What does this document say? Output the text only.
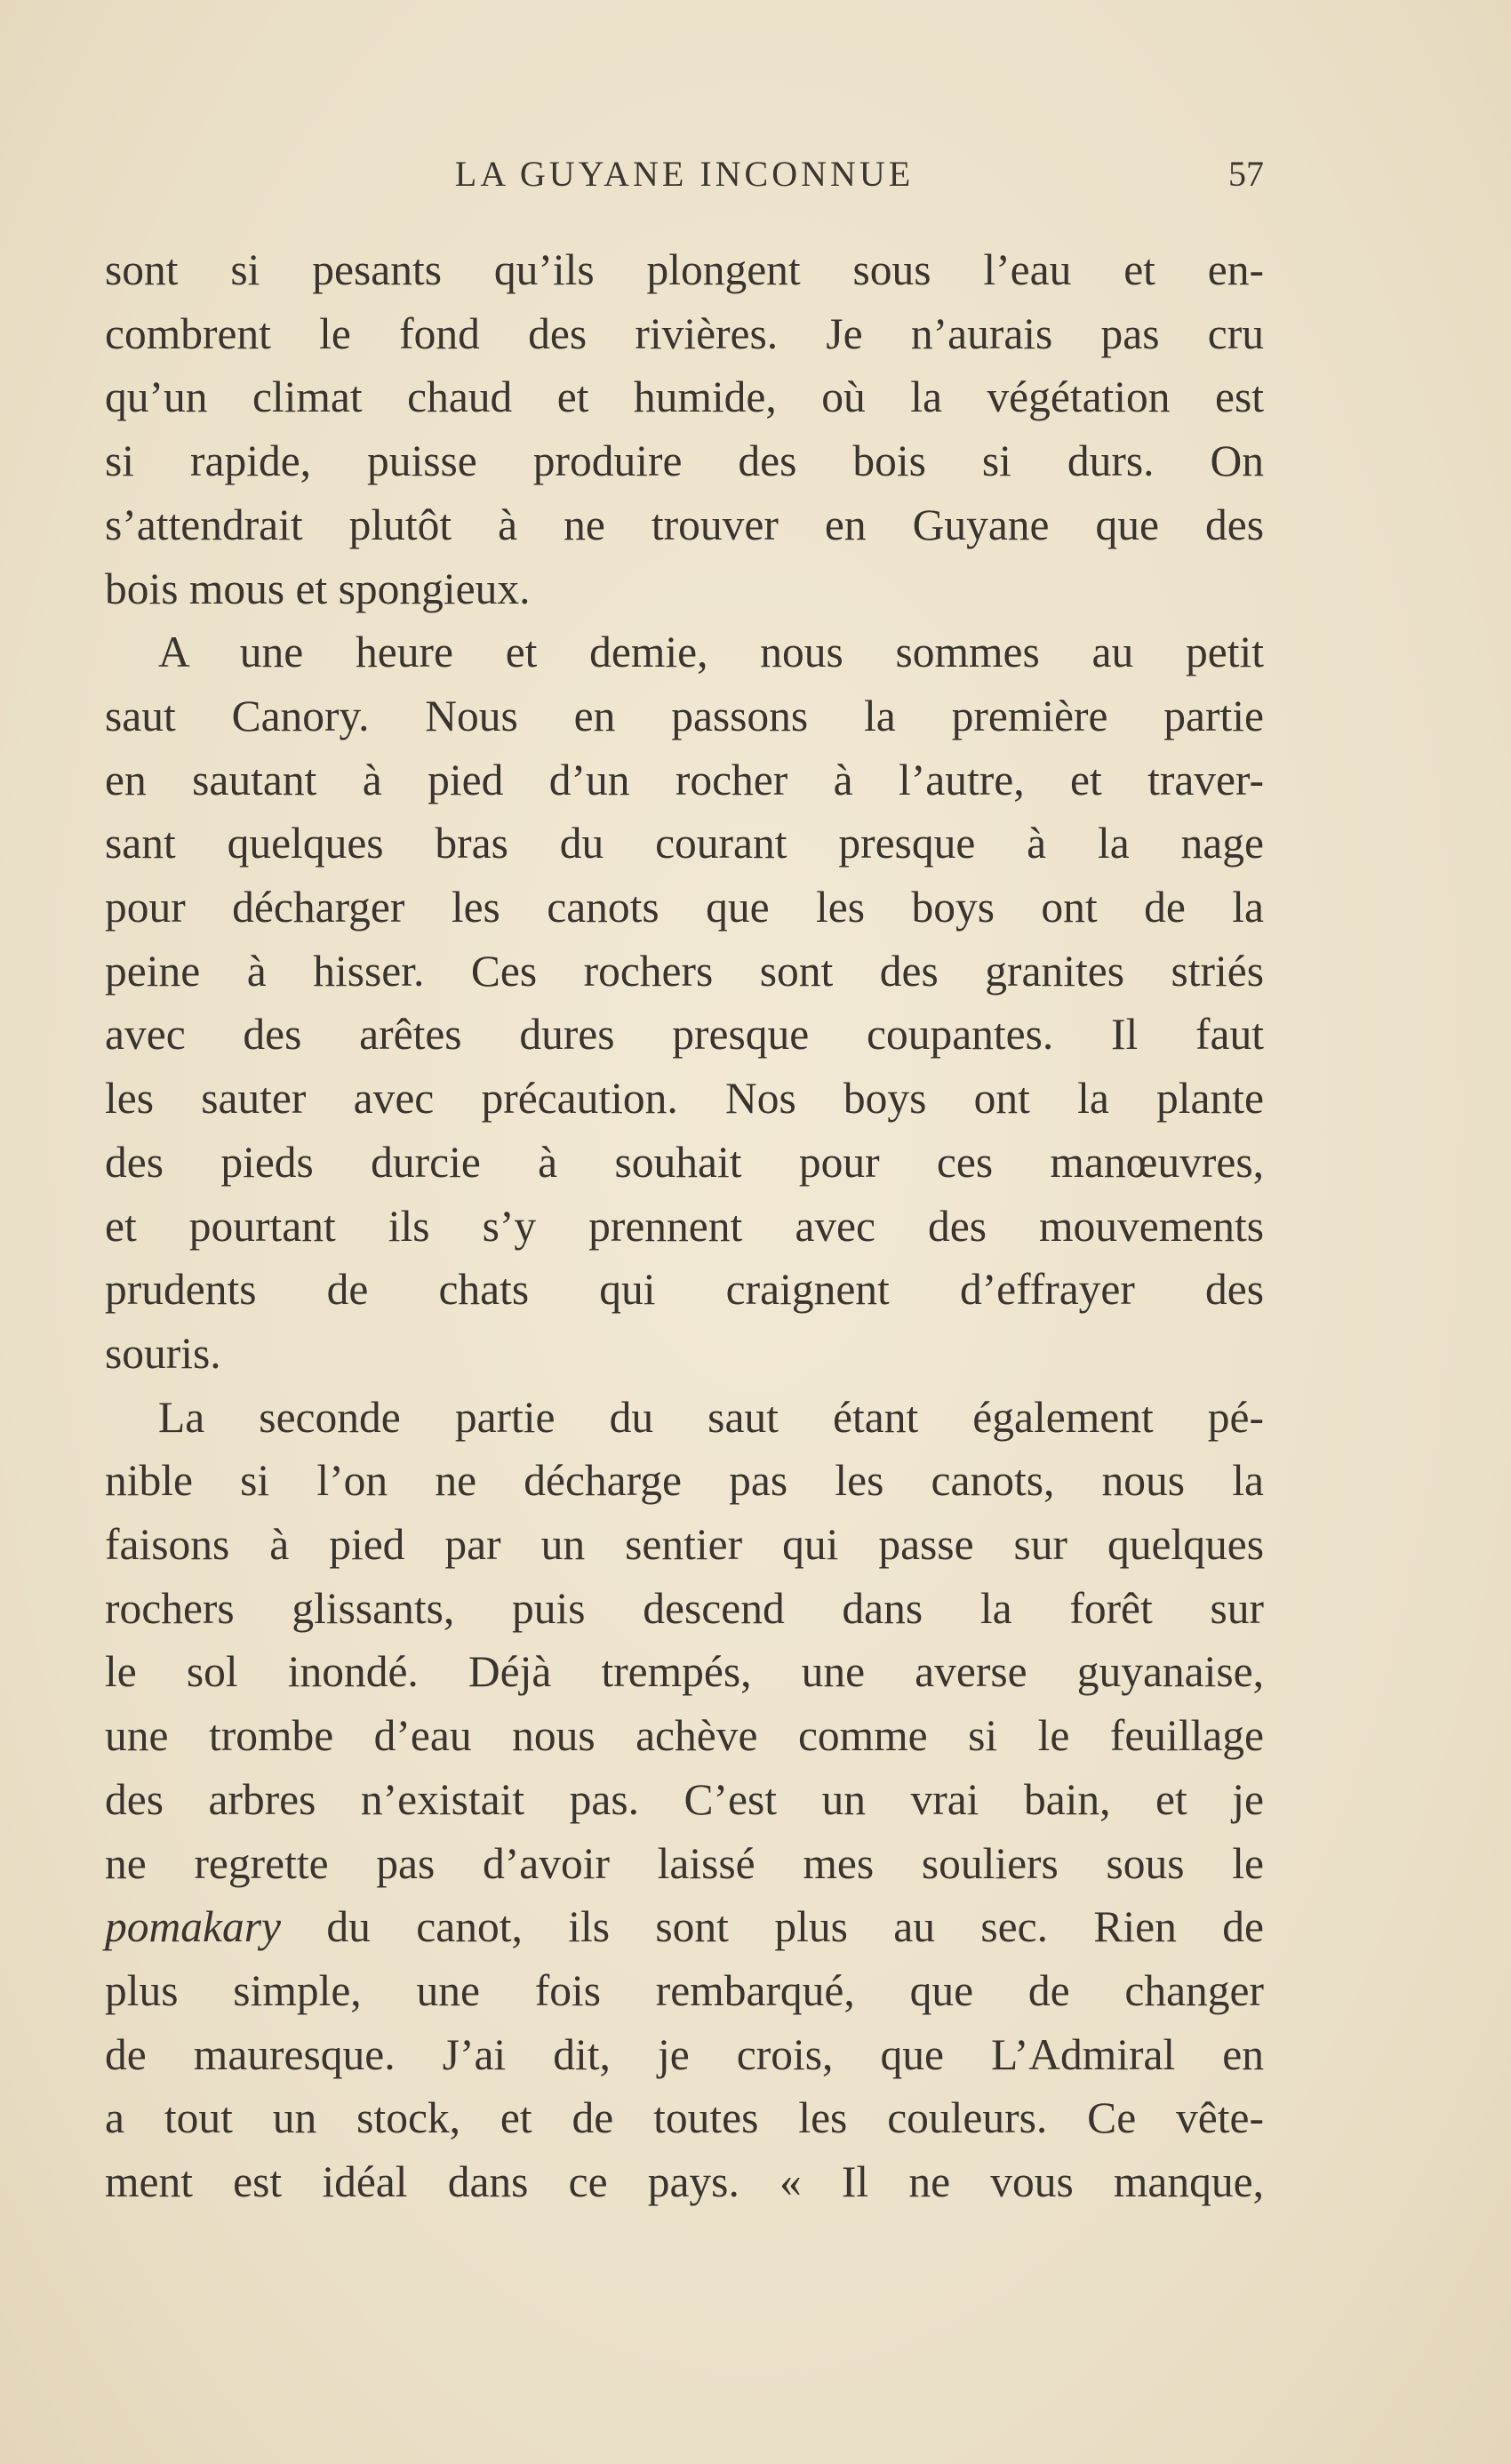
LA GUYANE INCONNUE	57
sont si pesants qu’ils plongent sous l’eau et en-
combrent le fond des rivières. Je n’aurais pas cru
qu’un climat chaud et humide, où la végétation est
si rapide, puisse produire des bois si durs. On
s’attendrait plutôt à ne trouver en Guyane que des
bois mous et spongieux.
A une heure et demie, nous sommes au petit
saut Canory. Nous en passons la première partie
en sautant à pied d’un rocher à l’autre, et traver-
sant quelques bras du courant presque à la nage
pour décharger les canots que les boys ont de la
peine à hisser. Ces rochers sont des granites striés
avec des arêtes dures presque coupantes. Il faut
les sauter avec précaution. Nos boys ont la plante
des pieds durcie à souhait pour ces manœuvres,
et pourtant ils s’y prennent avec des mouvements
prudents de chats qui craignent d’effrayer des
souris.
La seconde partie du saut étant également pé-
nible si l’on ne décharge pas les canots, nous la
faisons à pied par un sentier qui passe sur quelques
rochers glissants, puis descend dans la forêt sur
le sol inondé. Déjà trempés, une averse guyanaise,
une trombe d’eau nous achève comme si le feuillage
des arbres n’existait pas. C’est un vrai bain, et je
ne regrette pas d’avoir laissé mes souliers sous le
pomakary du canot, ils sont plus au sec. Rien de
plus simple, une fois rembarqué, que de changer
de mauresque. J’ai dit, je crois, que L’Admiral en
a tout un stock, et de toutes les couleurs. Ce vête-
ment est idéal dans ce pays. « Il ne vous manque,
